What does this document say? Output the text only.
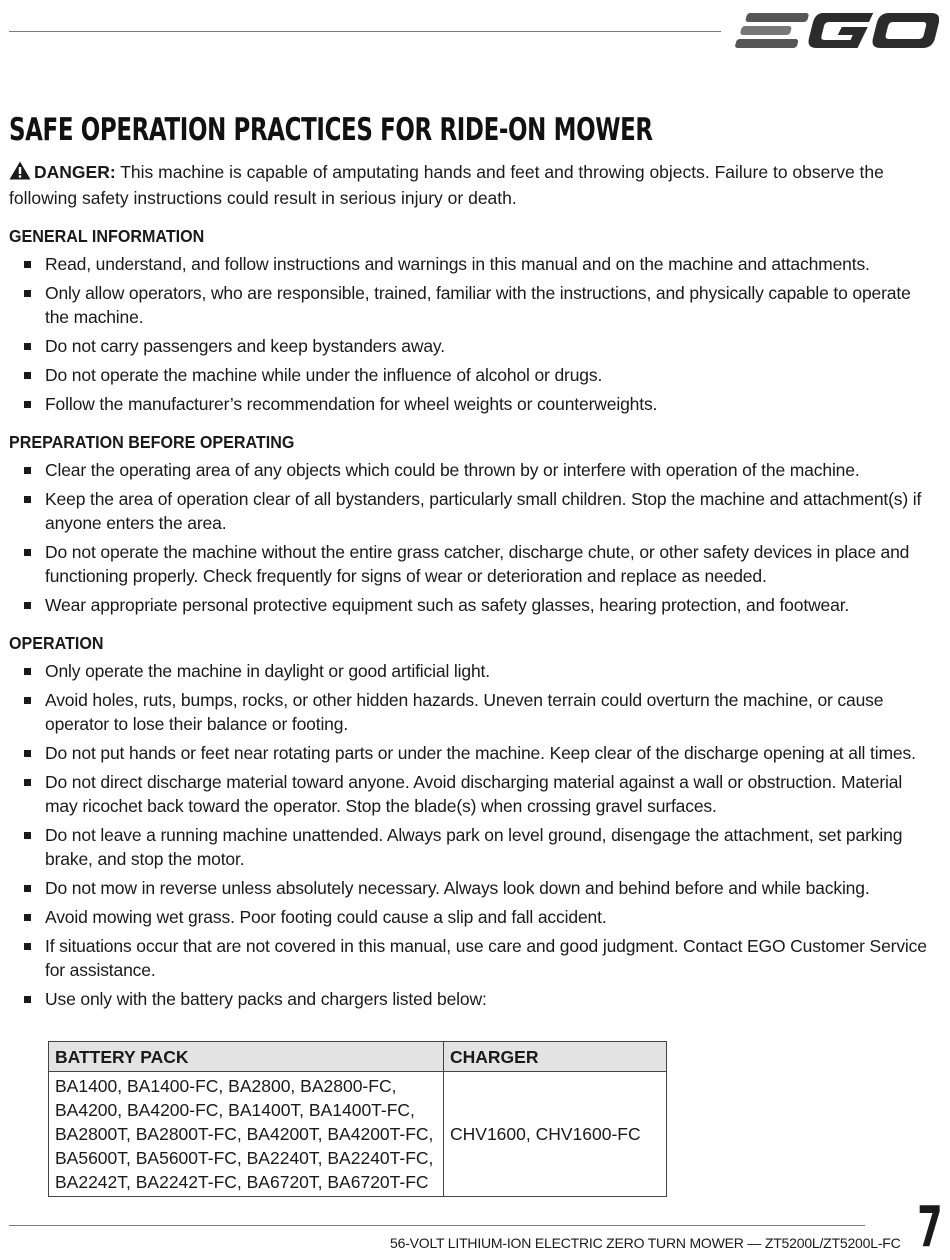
SAFE OPERATION PRACTICES FOR RIDE-ON MOWER

DANGER: This machine is capable of amputating hands and feet and throwing objects. Failure to observe the following safety instructions could result in serious injury or death.

GENERAL INFORMATION
Read, understand, and follow instructions and warnings in this manual and on the machine and attachments.
Only allow operators, who are responsible, trained, familiar with the instructions, and physically capable to operate the machine.
Do not carry passengers and keep bystanders away.
Do not operate the machine while under the influence of alcohol or drugs.
Follow the manufacturer’s recommendation for wheel weights or counterweights.
PREPARATION BEFORE OPERATING
Clear the operating area of any objects which could be thrown by or interfere with operation of the machine.
Keep the area of operation clear of all bystanders, particularly small children. Stop the machine and attachment(s) if anyone enters the area.
Do not operate the machine without the entire grass catcher, discharge chute, or other safety devices in place and functioning properly. Check frequently for signs of wear or deterioration and replace as needed.
Wear appropriate personal protective equipment such as safety glasses, hearing protection, and footwear.
OPERATION
Only operate the machine in daylight or good artificial light.
Avoid holes, ruts, bumps, rocks, or other hidden hazards. Uneven terrain could overturn the machine, or cause operator to lose their balance or footing.
Do not put hands or feet near rotating parts or under the machine. Keep clear of the discharge opening at all times.
Do not direct discharge material toward anyone. Avoid discharging material against a wall or obstruction. Material may ricochet back toward the operator. Stop the blade(s) when crossing gravel surfaces.
Do not leave a running machine unattended. Always park on level ground, disengage the attachment, set parking brake, and stop the motor.
Do not mow in reverse unless absolutely necessary. Always look down and behind before and while backing.
Avoid mowing wet grass. Poor footing could cause a slip and fall accident.
If situations occur that are not covered in this manual, use care and good judgment. Contact EGO Customer Service for assistance.
Use only with the battery packs and chargers listed below:
BATTERY PACK	CHARGER

BA1400, BA1400-FC, BA2800, BA2800-FC,
BA4200, BA4200-FC, BA1400T, BA1400T-FC,
BA2800T, BA2800T-FC, BA4200T, BA4200T-FC,
BA5600T, BA5600T-FC, BA2240T, BA2240T-FC,
BA2242T, BA2242T-FC, BA6720T, BA6720T-FC	CHV1600, CHV1600-FC
56-VOLT LITHIUM-ION ELECTRIC ZERO TURN MOWER — ZT5200L/ZT5200L-FC 7
